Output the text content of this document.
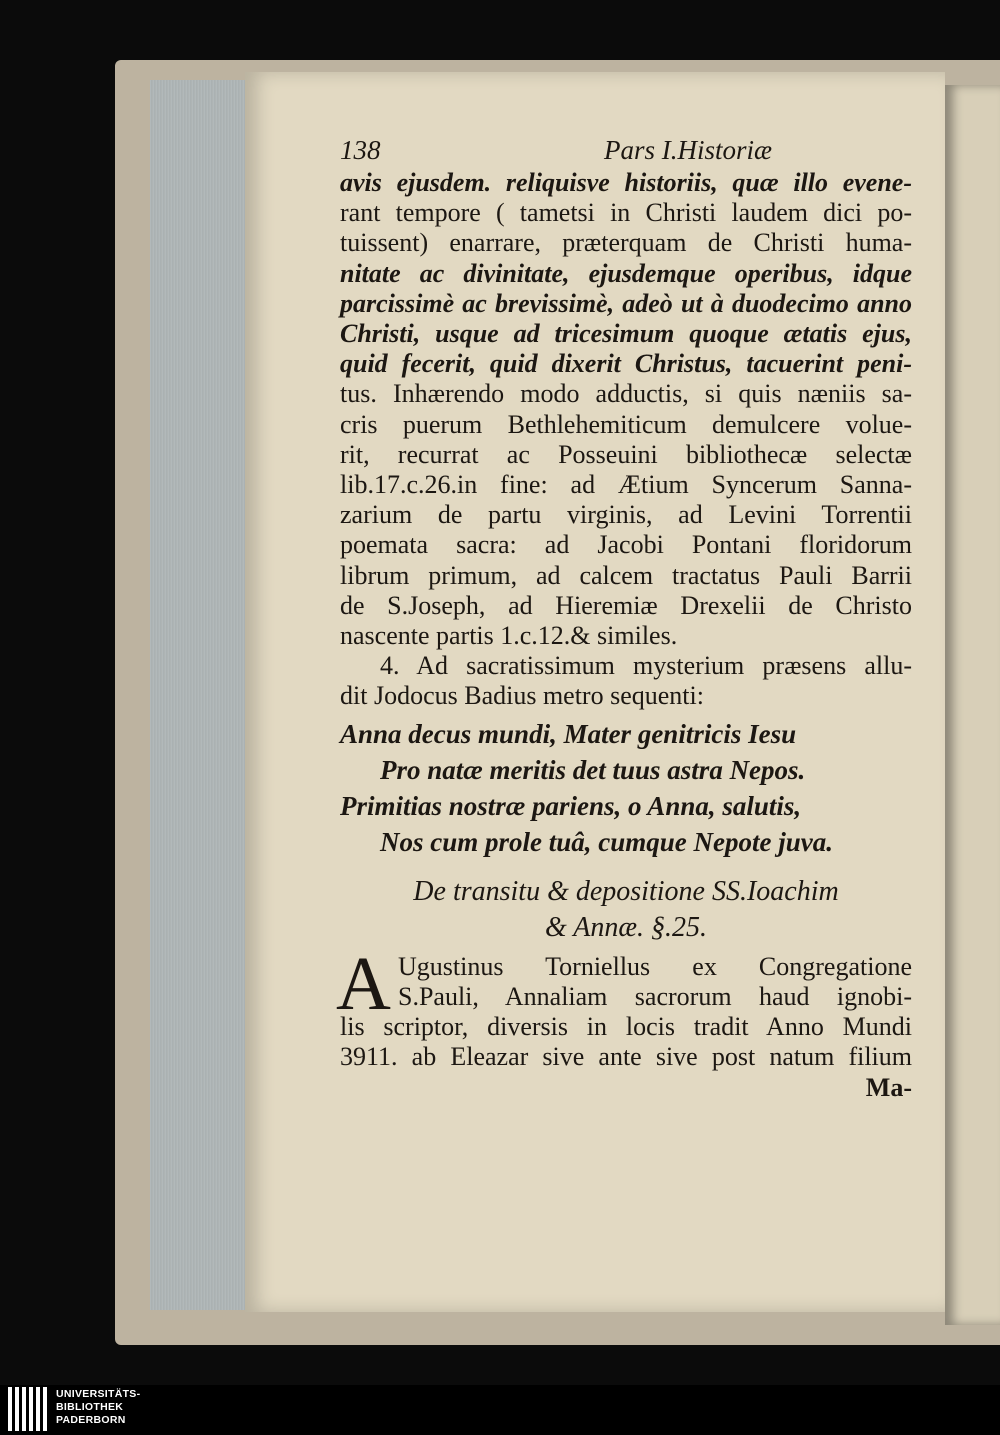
138	Pars I.Historiæ
avis ejusdem. reliquisve historiis, quæ illo evene-
rant tempore ( tametsi in Christi laudem dici po-
tuissent) enarrare, præterquam de Christi huma-
nitate ac divinitate, ejusdemque operibus, idque
parcissimè ac brevissimè, adeò ut à duodecimo anno
Christi, usque ad tricesimum quoque ætatis ejus,
quid fecerit, quid dixerit Christus, tacuerint peni-
tus. Inhærendo modo adductis, si quis næniis sa-
cris puerum Bethlehemiticum demulcere volue-
rit, recurrat ac Posseuini bibliothecæ selectæ
lib.17.c.26.in fine: ad Ætium Syncerum Sanna-
zarium de partu virginis, ad Levini Torrentii
poemata sacra: ad Jacobi Pontani floridorum
librum primum, ad calcem tractatus Pauli Barrii
de S.Joseph, ad Hieremiæ Drexelii de Christo
nascente partis 1.c.12.& similes.
4. Ad sacratissimum mysterium præsens allu-
dit Jodocus Badius metro sequenti:
Anna decus mundi, Mater genitricis Iesu
Pro natæ meritis det tuus astra Nepos.
Primitias nostræ pariens, o Anna, salutis,
Nos cum prole tuâ, cumque Nepote juva.
De transitu & depositione SS.Ioachim
& Annæ. §.25.
A Ugustinus Torniellus ex Congregatione
S.Pauli, Annaliam sacrorum haud ignobi-
lis scriptor, diversis in locis tradit Anno Mundi
3911. ab Eleazar sive ante sive post natum filium
Ma-
UNIVERSITÄTS-
BIBLIOTHEK
PADERBORN
